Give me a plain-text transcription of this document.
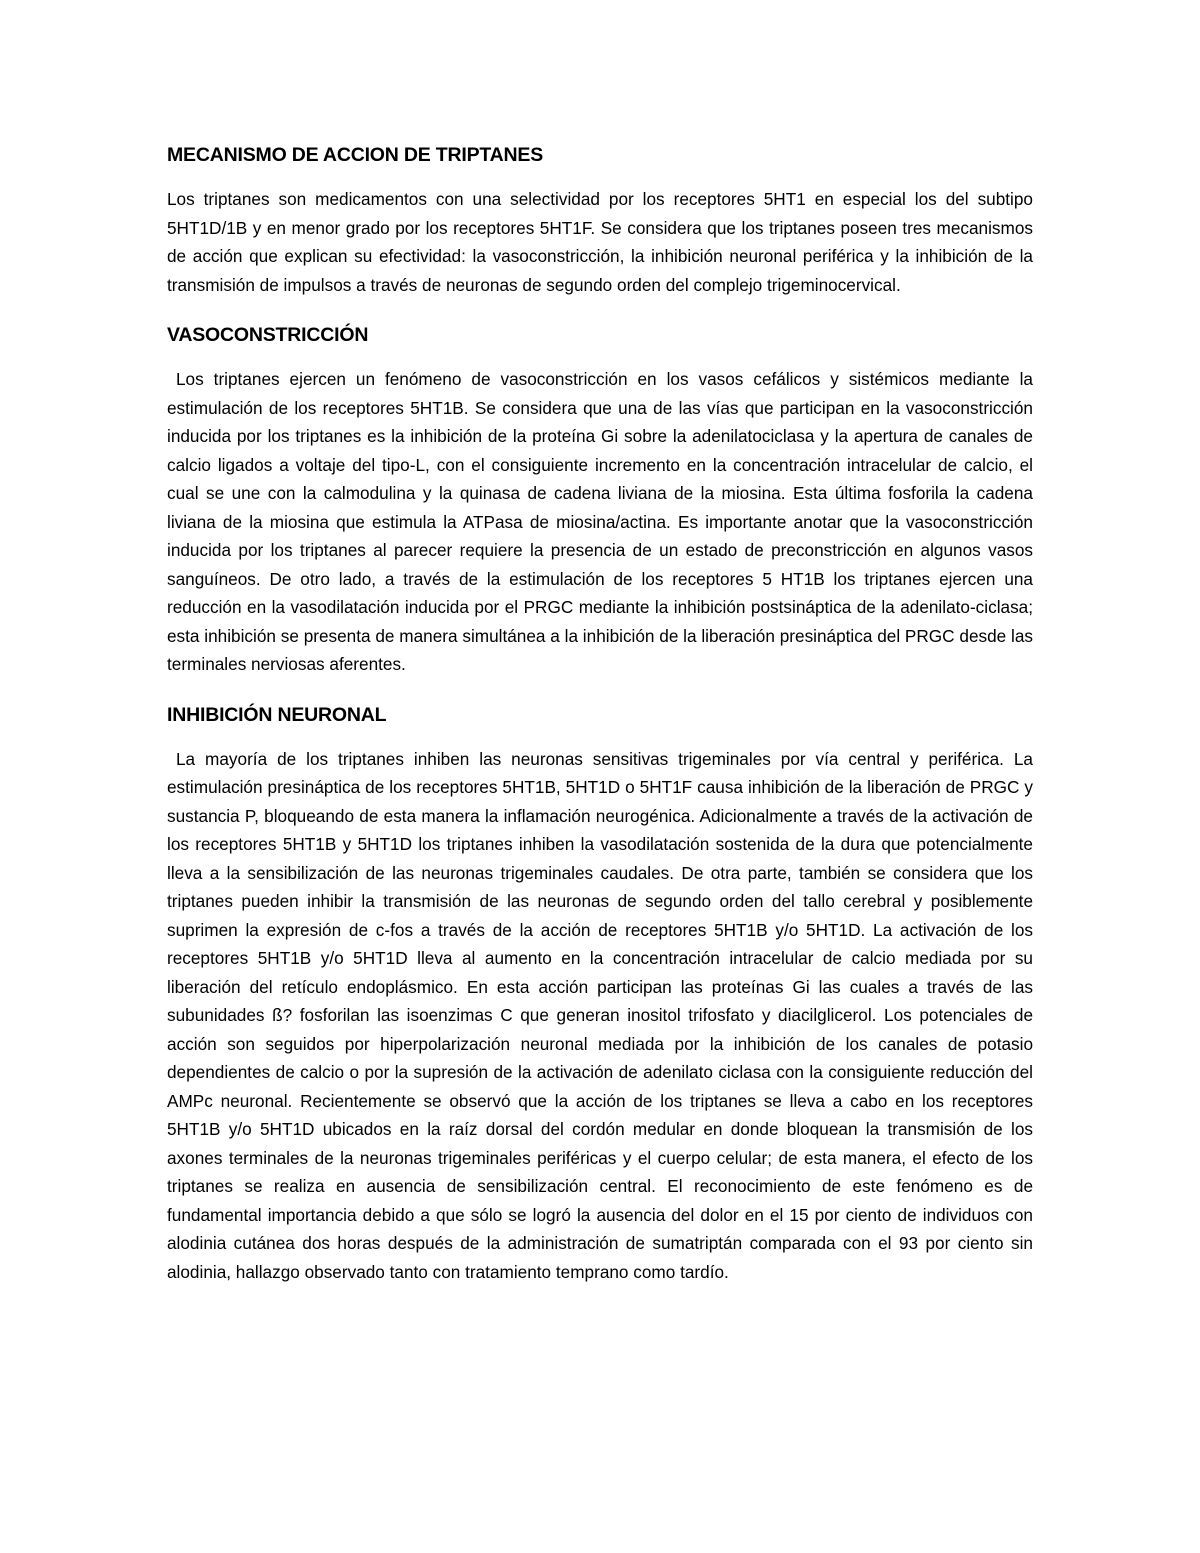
MECANISMO DE ACCION DE TRIPTANES

Los triptanes son medicamentos con una selectividad por los receptores 5HT1 en especial los del subtipo 5HT1D/1B y en menor grado por los receptores 5HT1F. Se considera que los triptanes poseen tres mecanismos de acción que explican su efectividad: la vasoconstricción, la inhibición neuronal periférica y la inhibición de la transmisión de impulsos a través de neuronas de segundo orden del complejo trigeminocervical.

VASOCONSTRICCIÓN

Los triptanes ejercen un fenómeno de vasoconstricción en los vasos cefálicos y sistémicos mediante la estimulación de los receptores 5HT1B. Se considera que una de las vías que participan en la vasoconstricción inducida por los triptanes es la inhibición de la proteína Gi sobre la adenilatociclasa y la apertura de canales de calcio ligados a voltaje del tipo-L, con el consiguiente incremento en la concentración intracelular de calcio, el cual se une con la calmodulina y la quinasa de cadena liviana de la miosina. Esta última fosforila la cadena liviana de la miosina que estimula la ATPasa de miosina/actina. Es importante anotar que la vasoconstricción inducida por los triptanes al parecer requiere la presencia de un estado de preconstricción en algunos vasos sanguíneos. De otro lado, a través de la estimulación de los receptores 5 HT1B los triptanes ejercen una reducción en la vasodilatación inducida por el PRGC mediante la inhibición postsináptica de la adenilato-ciclasa; esta inhibición se presenta de manera simultánea a la inhibición de la liberación presináptica del PRGC desde las terminales nerviosas aferentes.

INHIBICIÓN NEURONAL

La mayoría de los triptanes inhiben las neuronas sensitivas trigeminales por vía central y periférica. La estimulación presináptica de los receptores 5HT1B, 5HT1D o 5HT1F causa inhibición de la liberación de PRGC y sustancia P, bloqueando de esta manera la inflamación neurogénica. Adicionalmente a través de la activación de los receptores 5HT1B y 5HT1D los triptanes inhiben la vasodilatación sostenida de la dura que potencialmente lleva a la sensibilización de las neuronas trigeminales caudales. De otra parte, también se considera que los triptanes pueden inhibir la transmisión de las neuronas de segundo orden del tallo cerebral y posiblemente suprimen la expresión de c-fos a través de la acción de receptores 5HT1B y/o 5HT1D. La activación de los receptores 5HT1B y/o 5HT1D lleva al aumento en la concentración intracelular de calcio mediada por su liberación del retículo endoplásmico. En esta acción participan las proteínas Gi las cuales a través de las subunidades ß? fosforilan las isoenzimas C que generan inositol trifosfato y diacilglicerol. Los potenciales de acción son seguidos por hiperpolarización neuronal mediada por la inhibición de los canales de potasio dependientes de calcio o por la supresión de la activación de adenilato ciclasa con la consiguiente reducción del AMPc neuronal. Recientemente se observó que la acción de los triptanes se lleva a cabo en los receptores 5HT1B y/o 5HT1D ubicados en la raíz dorsal del cordón medular en donde bloquean la transmisión de los axones terminales de la neuronas trigeminales periféricas y el cuerpo celular; de esta manera, el efecto de los triptanes se realiza en ausencia de sensibilización central. El reconocimiento de este fenómeno es de fundamental importancia debido a que sólo se logró la ausencia del dolor en el 15 por ciento de individuos con alodinia cutánea dos horas después de la administración de sumatriptán comparada con el 93 por ciento sin alodinia, hallazgo observado tanto con tratamiento temprano como tardío.
